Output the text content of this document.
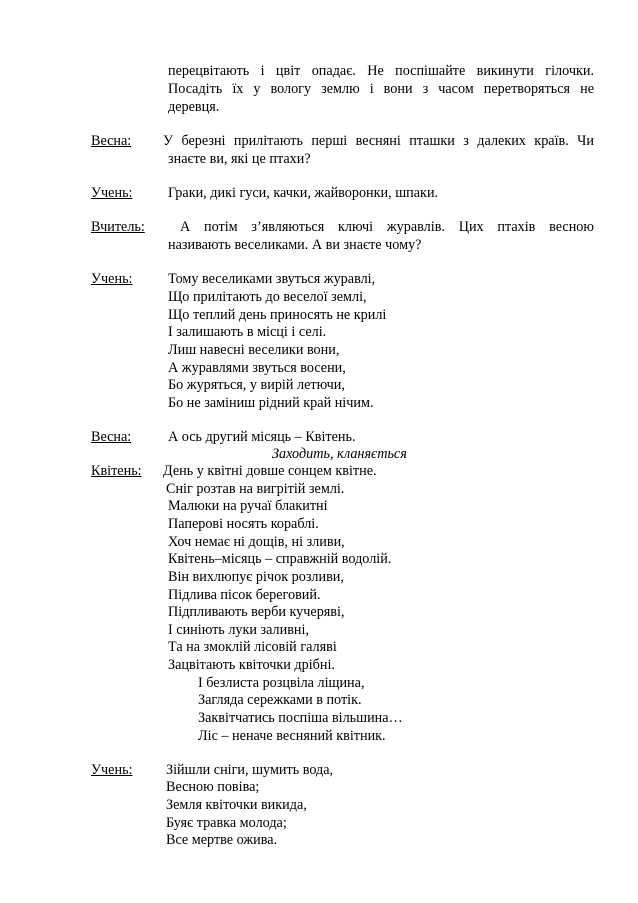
перецвітають і цвіт опадає. Не поспішайте викинути гілочки.
Посадіть їх у вологу землю і вони з часом перетворяться не
деревця.
Весна: У березні прилітають перші весняні пташки з далеких країв. Чи
знаєте ви, які це птахи?
Учень:	Граки, дикі гуси, качки, жайворонки, шпаки.
Вчитель: А потім з’являються ключі журавлів. Цих птахів весною
називають веселиками. А ви знаєте чому?
Учень:	Тому веселиками звуться журавлі,
Що прилітають до веселої землі,
Що теплий день приносять не крилі
І залишають в місці і селі.
Лиш навесні веселики вони,
А журавлями звуться восени,
Бо журяться, у вирій летючи,
Бо не заміниш рідний край нічим.
Весна:	А ось другий місяць – Квітень.
Заходить, кланяється
Квітень: День у квітні довше сонцем квітне.
Сніг розтав на вигрітій землі.
Малюки на ручаї блакитні
Паперові носять кораблі.
Хоч немає ні дощів, ні зливи,
Квітень–місяць – справжній водолій.
Він вихлюпує річок розливи,
Підлива пісок береговий.
Підпливають верби кучеряві,
І синіють луки заливні,
Та на змоклій лісовій галяві
Зацвітають квіточки дрібні.
І безлиста розцвіла ліщина,
Загляда сережками в потік.
Заквітчатись поспіша вільшина…
Ліс – неначе весняний квітник.
Учень: Зійшли сніги, шумить вода,
Весною повіва;
Земля квіточки викида,
Буяє травка молода;
Все мертве ожива.
